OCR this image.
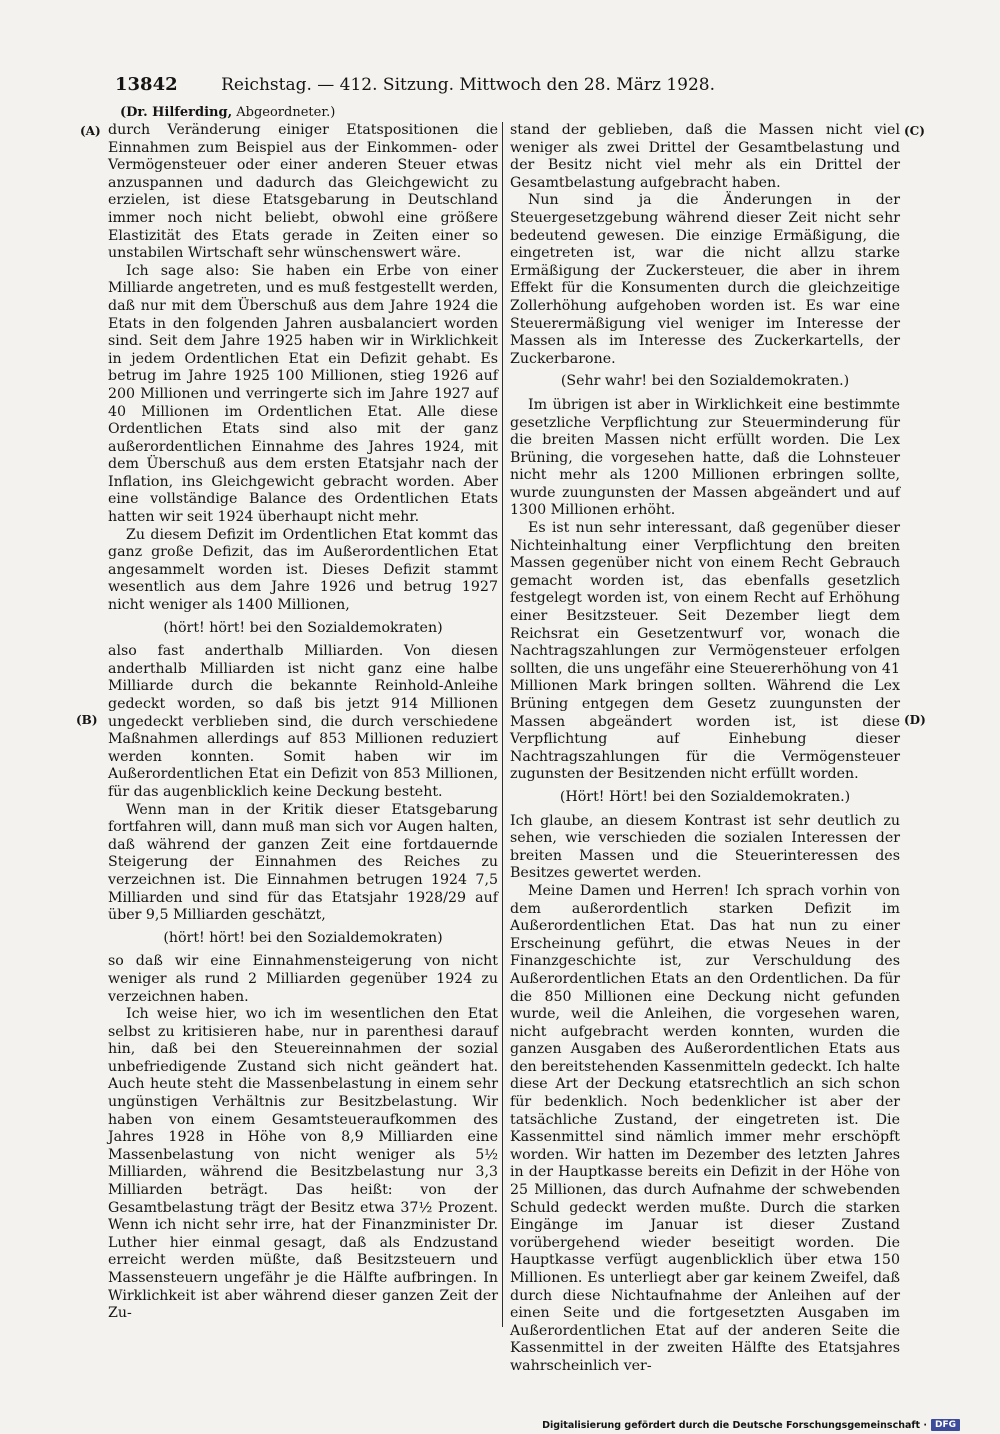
13842	Reichstag. — 412. Sitzung. Mittwoch den 28. März 1928.
(Dr. Hilferding, Abgeordneter.)
(A)
(B)
(C)
(D)

durch Veränderung einiger Etatspositionen die Einnahmen zum Beispiel aus der Einkommen- oder Vermögensteuer oder einer anderen Steuer etwas anzuspannen und dadurch das Gleichgewicht zu erzielen, ist diese Etatsgebarung in Deutschland immer noch nicht beliebt, obwohl eine größere Elastizität des Etats gerade in Zeiten einer so unstabilen Wirtschaft sehr wünschenswert wäre.

Ich sage also: Sie haben ein Erbe von einer Milliarde angetreten, und es muß festgestellt werden, daß nur mit dem Überschuß aus dem Jahre 1924 die Etats in den folgenden Jahren ausbalanciert worden sind. Seit dem Jahre 1925 haben wir in Wirklichkeit in jedem Ordentlichen Etat ein Defizit gehabt. Es betrug im Jahre 1925 100 Millionen, stieg 1926 auf 200 Millionen und verringerte sich im Jahre 1927 auf 40 Millionen im Ordentlichen Etat. Alle diese Ordentlichen Etats sind also mit der ganz außerordentlichen Einnahme des Jahres 1924, mit dem Überschuß aus dem ersten Etatsjahr nach der Inflation, ins Gleichgewicht gebracht worden. Aber eine vollständige Balance des Ordentlichen Etats hatten wir seit 1924 überhaupt nicht mehr.

Zu diesem Defizit im Ordentlichen Etat kommt das ganz große Defizit, das im Außerordentlichen Etat angesammelt worden ist. Dieses Defizit stammt wesentlich aus dem Jahre 1926 und betrug 1927 nicht weniger als 1400 Millionen,

(hört! hört! bei den Sozialdemokraten)

also fast anderthalb Milliarden. Von diesen anderthalb Milliarden ist nicht ganz eine halbe Milliarde durch die bekannte Reinhold-Anleihe gedeckt worden, so daß bis jetzt 914 Millionen ungedeckt verblieben sind, die durch verschiedene Maßnahmen allerdings auf 853 Millionen reduziert werden konnten. Somit haben wir im Außerordentlichen Etat ein Defizit von 853 Millionen, für das augenblicklich keine Deckung besteht.

Wenn man in der Kritik dieser Etatsgebarung fortfahren will, dann muß man sich vor Augen halten, daß während der ganzen Zeit eine fortdauernde Steigerung der Einnahmen des Reiches zu verzeichnen ist. Die Einnahmen betrugen 1924 7,5 Milliarden und sind für das Etatsjahr 1928/29 auf über 9,5 Milliarden geschätzt,

(hört! hört! bei den Sozialdemokraten)

so daß wir eine Einnahmensteigerung von nicht weniger als rund 2 Milliarden gegenüber 1924 zu verzeichnen haben.

Ich weise hier, wo ich im wesentlichen den Etat selbst zu kritisieren habe, nur in parenthesi darauf hin, daß bei den Steuereinnahmen der sozial unbefriedigende Zustand sich nicht geändert hat. Auch heute steht die Massenbelastung in einem sehr ungünstigen Verhältnis zur Besitzbelastung. Wir haben von einem Gesamtsteueraufkommen des Jahres 1928 in Höhe von 8,9 Milliarden eine Massenbelastung von nicht weniger als 5½ Milliarden, während die Besitzbelastung nur 3,3 Milliarden beträgt. Das heißt: von der Gesamtbelastung trägt der Besitz etwa 37½ Prozent. Wenn ich nicht sehr irre, hat der Finanzminister Dr. Luther hier einmal gesagt, daß als Endzustand erreicht werden müßte, daß Besitzsteuern und Massensteuern ungefähr je die Hälfte aufbringen. In Wirklichkeit ist aber während dieser ganzen Zeit der Zu-

stand der geblieben, daß die Massen nicht viel weniger als zwei Drittel der Gesamtbelastung und der Besitz nicht viel mehr als ein Drittel der Gesamtbelastung aufgebracht haben.

Nun sind ja die Änderungen in der Steuergesetzgebung während dieser Zeit nicht sehr bedeutend gewesen. Die einzige Ermäßigung, die eingetreten ist, war die nicht allzu starke Ermäßigung der Zuckersteuer, die aber in ihrem Effekt für die Konsumenten durch die gleichzeitige Zollerhöhung aufgehoben worden ist. Es war eine Steuerermäßigung viel weniger im Interesse der Massen als im Interesse des Zuckerkartells, der Zuckerbarone.

(Sehr wahr! bei den Sozialdemokraten.)

Im übrigen ist aber in Wirklichkeit eine bestimmte gesetzliche Verpflichtung zur Steuerminderung für die breiten Massen nicht erfüllt worden. Die Lex Brüning, die vorgesehen hatte, daß die Lohnsteuer nicht mehr als 1200 Millionen erbringen sollte, wurde zuungunsten der Massen abgeändert und auf 1300 Millionen erhöht.

Es ist nun sehr interessant, daß gegenüber dieser Nichteinhaltung einer Verpflichtung den breiten Massen gegenüber nicht von einem Recht Gebrauch gemacht worden ist, das ebenfalls gesetzlich festgelegt worden ist, von einem Recht auf Erhöhung einer Besitzsteuer. Seit Dezember liegt dem Reichsrat ein Gesetzentwurf vor, wonach die Nachtragszahlungen zur Vermögensteuer erfolgen sollten, die uns ungefähr eine Steuererhöhung von 41 Millionen Mark bringen sollten. Während die Lex Brüning entgegen dem Gesetz zuungunsten der Massen abgeändert worden ist, ist diese Verpflichtung auf Einhebung dieser Nachtragszahlungen für die Vermögensteuer zugunsten der Besitzenden nicht erfüllt worden.

(Hört! Hört! bei den Sozialdemokraten.)

Ich glaube, an diesem Kontrast ist sehr deutlich zu sehen, wie verschieden die sozialen Interessen der breiten Massen und die Steuerinteressen des Besitzes gewertet werden.

Meine Damen und Herren! Ich sprach vorhin von dem außerordentlich starken Defizit im Außerordentlichen Etat. Das hat nun zu einer Erscheinung geführt, die etwas Neues in der Finanzgeschichte ist, zur Verschuldung des Außerordentlichen Etats an den Ordentlichen. Da für die 850 Millionen eine Deckung nicht gefunden wurde, weil die Anleihen, die vorgesehen waren, nicht aufgebracht werden konnten, wurden die ganzen Ausgaben des Außerordentlichen Etats aus den bereitstehenden Kassenmitteln gedeckt. Ich halte diese Art der Deckung etatsrechtlich an sich schon für bedenklich. Noch bedenklicher ist aber der tatsächliche Zustand, der eingetreten ist. Die Kassenmittel sind nämlich immer mehr erschöpft worden. Wir hatten im Dezember des letzten Jahres in der Hauptkasse bereits ein Defizit in der Höhe von 25 Millionen, das durch Aufnahme der schwebenden Schuld gedeckt werden mußte. Durch die starken Eingänge im Januar ist dieser Zustand vorübergehend wieder beseitigt worden. Die Hauptkasse verfügt augenblicklich über etwa 150 Millionen. Es unterliegt aber gar keinem Zweifel, daß durch diese Nichtaufnahme der Anleihen auf der einen Seite und die fortgesetzten Ausgaben im Außerordentlichen Etat auf der anderen Seite die Kassenmittel in der zweiten Hälfte des Etatsjahres wahrscheinlich ver-

Digitalisierung gefördert durch die Deutsche Forschungsgemeinschaft · DFG
